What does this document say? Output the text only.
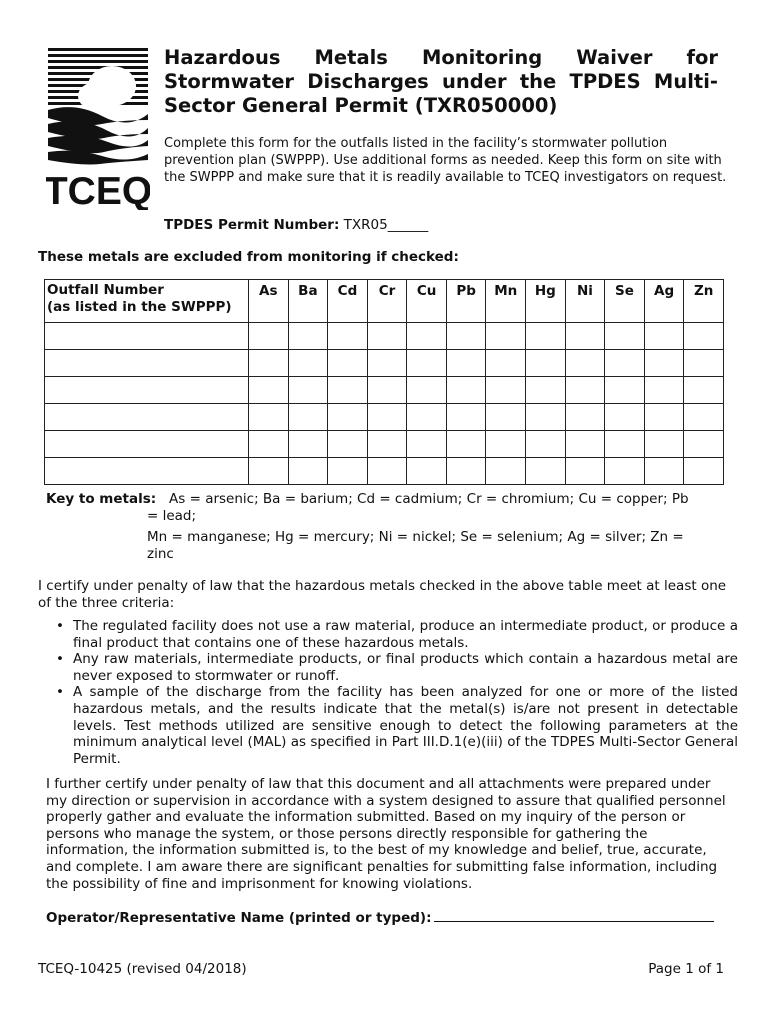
TCEQ
Hazardous Metals Monitoring Waiver for Stormwater Discharges under the TPDES Multi-Sector General Permit (TXR050000)
Complete this form for the outfalls listed in the facility’s stormwater pollution prevention plan (SWPPP). Use additional forms as needed. Keep this form on site with the SWPPP and make sure that it is readily available to TCEQ investigators on request.
TPDES Permit Number: TXR05______
These metals are excluded from monitoring if checked:
Outfall Number
(as listed in the SWPPP)	As	Ba	Cd	Cr	Cu	Pb	Mn	Hg	Ni	Se	Ag	Zn

Key to metals: As = arsenic; Ba = barium; Cd = cadmium; Cr = chromium; Cu = copper; Pb
= lead;
Mn = manganese; Hg = mercury; Ni = nickel; Se = selenium; Ag = silver; Zn =
zinc
I certify under penalty of law that the hazardous metals checked in the above table meet at least one of the three criteria:
• The regulated facility does not use a raw material, produce an intermediate product, or produce a final product that contains one of these hazardous metals.
• Any raw materials, intermediate products, or final products which contain a hazardous metal are never exposed to stormwater or runoff.
• A sample of the discharge from the facility has been analyzed for one or more of the listed hazardous metals, and the results indicate that the metal(s) is/are not present in detectable levels. Test methods utilized are sensitive enough to detect the following parameters at the minimum analytical level (MAL) as specified in Part III.D.1(e)(iii) of the TDPES Multi-Sector General Permit.
I further certify under penalty of law that this document and all attachments were prepared under my direction or supervision in accordance with a system designed to assure that qualified personnel properly gather and evaluate the information submitted. Based on my inquiry of the person or persons who manage the system, or those persons directly responsible for gathering the information, the information submitted is, to the best of my knowledge and belief, true, accurate, and complete. I am aware there are significant penalties for submitting false information, including the possibility of fine and imprisonment for knowing violations.
Operator/Representative Name (printed or typed):
TCEQ-10425 (revised 04/2018)	Page 1 of 1
